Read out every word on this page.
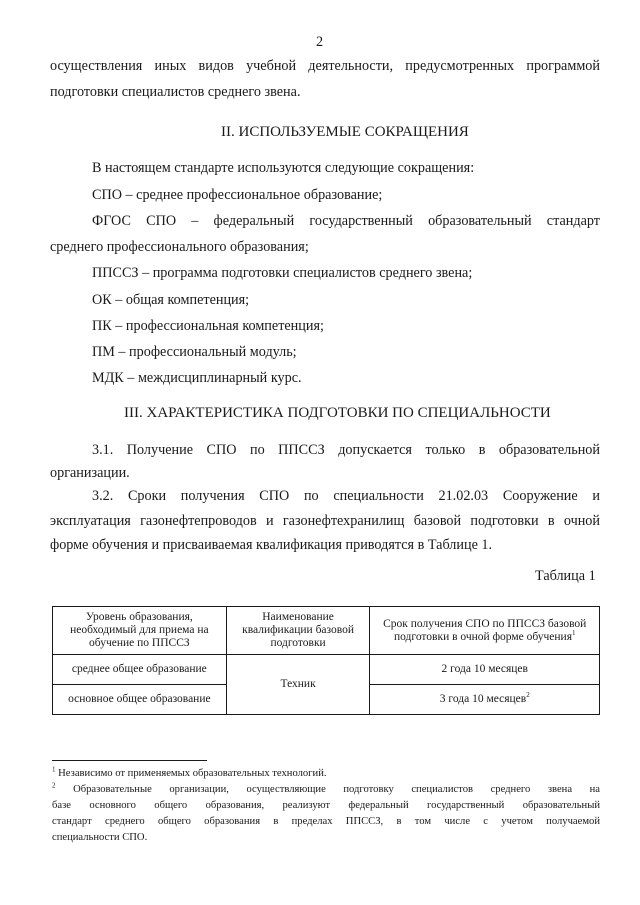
2
осуществления иных видов учебной деятельности, предусмотренных программой
подготовки специалистов среднего звена.
II. ИСПОЛЬЗУЕМЫЕ СОКРАЩЕНИЯ
В настоящем стандарте используются следующие сокращения:
СПО – среднее профессиональное образование;
ФГОС СПО – федеральный государственный образовательный стандарт
среднего профессионального образования;
ППССЗ – программа подготовки специалистов среднего звена;
ОК – общая компетенция;
ПК – профессиональная компетенция;
ПМ – профессиональный модуль;
МДК – междисциплинарный курс.
III. ХАРАКТЕРИСТИКА ПОДГОТОВКИ ПО СПЕЦИАЛЬНОСТИ
3.1. Получение СПО по ППССЗ допускается только в образовательной
организации.
3.2. Сроки получения СПО по специальности 21.02.03 Сооружение и
эксплуатация газонефтепроводов и газонефтехранилищ базовой подготовки в очной
форме обучения и присваиваемая квалификация приводятся в Таблице 1.
Таблица 1
Уровень образования, необходимый для приема на обучение по ППССЗ	Наименование квалификации базовой подготовки	Срок получения СПО по ППССЗ базовой подготовки в очной форме обучения$^1$
среднее общее образование	Техник	2 года 10 месяцев
основное общее образование		3 года 10 месяцев$^2$
$^1$ Независимо от применяемых образовательных технологий.
$^2$ Образовательные организации, осуществляющие подготовку специалистов среднего звена на
базе основного общего образования, реализуют федеральный государственный образовательный
стандарт среднего общего образования в пределах ППССЗ, в том числе с учетом получаемой
специальности СПО.
